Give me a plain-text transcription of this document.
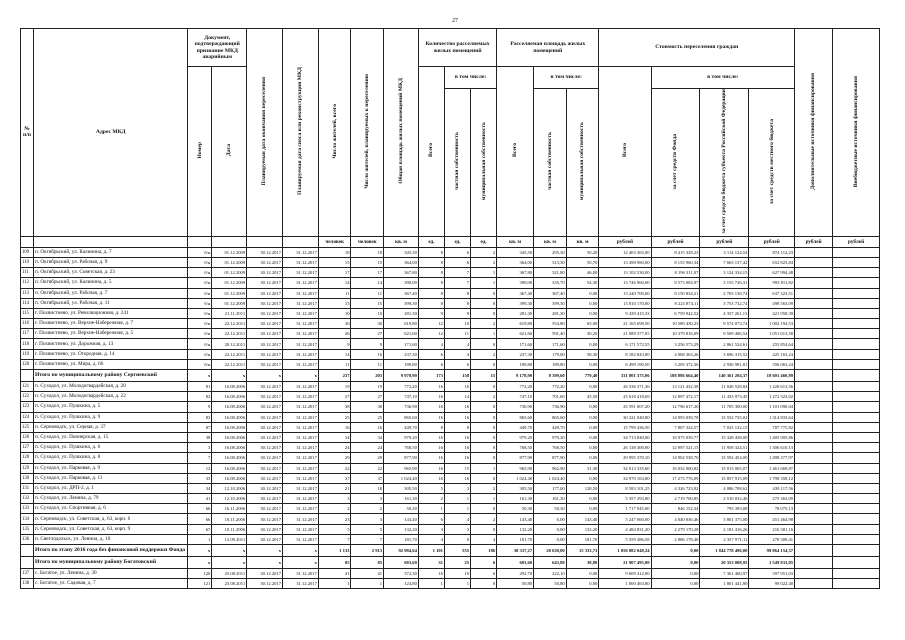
27
№ п/п	Адрес МКД	Документ, подтверждающий признание МКД аварийным		Планируемая дата окончания переселения	Планируемая дата сноса или реконструкции МКД	Число жителей, всего	Число жителей, планируемых к переселению	Общая площадь жилых помещений МКД	Количество расселяемых жилых помещений			Расселяемая площадь жилых помещений			Стоимость переселения граждан				Дополнительные источники финансирования	Внебюджетные источники финансирования
		Номер	Дата						Всего	в том числе:		Всего	в том числе:		Всего	в том числе:				
										частная собственность	муниципальная собственность		частная собственность	муниципальная собственность		за счет средств Фонда	за счет средств бюджета субъекта Российской Федерации	за счет средств местного бюджета		
						человек	человек	кв. м	ед.	ед.	ед.	кв. м	кв. м	кв. м	рублей	рублей	рублей	рублей	рублей	рублей
109	п. Октябрьский, ул. Калинина, д. 7	б/н	01.12.2009	30.12.2017	31.12.2017	18	18	345,50	8	6	2	345,50	295,30	50,20	12 403 365,00	8 415 328,23	3 114 124,54	874 112,23		
110	п. Октябрьский, ул. Рабочая, д. 9	б/н	01.12.2009	30.12.2017	31.12.2017	15	15	364,00	8	6	2	364,00	313,30	50,70	13 498 980,00	8 155 960,34	7 663 137,42	652 823,84		
111	п. Октябрьский, ул. Советская, д. 23	б/н	01.12.2009	30.12.2017	31.12.2017	17	17	367,80	8	7	1	367,80	321,80	46,00	13 102 530,00	8 196 311,07	3 124 334,15	627 994,48		
112	п. Октябрьский, ул. Калинина, д. 5	б/н	01.12.2009	30.12.2017	31.12.2017	14	14	390,00	8	7	1	390,00	335,70	54,30	13 746 960,00	8 573 004,97	3 155 726,31	993 811,82		
113	п. Октябрьский, ул. Рабочая, д. 7	б/н	01.12.2009	30.12.2017	31.12.2017	11	11	367,40	8	8	0	367,40	367,40	0,00	13 240 700,00	8 150 834,21	2 703 138,74	637 323,51		
114	п. Октябрьский, ул. Рабочая, д. 11	б/н	01.12.2009	30.12.2017	31.12.2017	15	15	399,30	8	8	0	399,30	399,30	0,00	13 810 170,00	8 223 874,11	3 753 732,74	498 563,09		
115	г. Похвистнево, ул. Революционная, д. 241	б/н	21.11.2011	30.12.2017	31.12.2017	10	10	281,30	9	9	0	281,30	281,30	0,00	9 439 415,33	6 759 942,52	4 357 261,13	421 958,39		
116	г. Похвистнево, ул. Верхне-Набережная, д. 7	б/н	22.12.2011	30.12.2017	31.12.2017	30	30	619,80	12	10	2	619,80	554,80	65,00	21 165 698,50	10 589 430,23	9 574 073,74	1 002 194,53		
117	г. Похвистнево, ул. Верхне-Набережная, д. 5	б/н	22.12.2011	30.12.2017	31.12.2017	26	27	621,60	12	11	1	621,60	591,40	30,20	21 089 377,05	10 379 816,09	9 509 406,54	1 051 013,58		
118	г. Похвистнево, ул. Дорожная, д. 13	б/н	20.12.2011	30.12.2017	31.12.2017	9	9	171,60	4	4	0	171,60	171,60	0,00	6 171 572,55	3 256 573,29	2 861 524,61	255 854,64		
119	г. Похвистнево, ул. Огородная, д. 14	б/н	22.12.2011	30.12.2017	31.12.2017	14	16	237,30	6	4	2	237,30	179,00	58,30	8 182 843,00	4 068 363,26	3 696 315,52	425 163,24		
120	г. Похвистнево, ул. Мира, д. 66	б/н	22.12.2011	30.12.2017	31.12.2017	11	11	189,80	6	6	0	189,80	189,80	0,00	6 499 190,50	3 205 372,36	2 936 981,81	356 063,24		
	Итого по муниципальному району Сергиевский	x	x	x	x	237	203	9 978,90	173	158	15	9 178,90	8 399,60	779,40	331 801 375,06	188 886 664,40	140 361 204,37	18 601 460,89		
121	п. Суходол, ул. Молодогвардейская, д. 20	81	16.08.2006	30.12.2017	31.12.2017	19	19	772,20	16	16	0	772,20	772,20	0,00	26 536 371,36	13 121 432,38	11 046 528,84	1 226 613,56		
122	п. Суходол, ул. Молодогвардейская, д. 22	82	16.08.2006	30.12.2017	31.12.2017	27	27	747,10	16	14	2	747,10	701,60	45,50	25 618 418,69	12 897 472,17	11 433 973,45	1 272 323,02		
123	п. Суходол, ул. Пушкина, д. 5	9	16.08.2006	30.12.2017	31.12.2017	38	38	736,90	16	16	0	736,90	736,90	0,00	25 591 007,20	12 796 617,20	11 705 300,00	1 101 090,04		
124	п. Суходол, ул. Пушкина, д. 9	83	16.08.2006	30.12.2017	31.12.2017	25	25	865,60	16	16	0	865,60	865,60	0,00	30 221 040,80	14 993 039,78	13 552 735,02	1 314 833,64		
125	п. Серноводск, ул. Серная, д. 37	87	16.08.2006	30.12.2017	31.12.2017	16	16	449,70	8	8	0	449,70	449,70	0,00	15 799 436,50	7 807 324,57	7 025 132,15	707 775,82		
126	п. Суходол, ул. Пионерская, д. 15	38	16.08.2006	30.12.2017	31.12.2017	34	34	979,20	16	16	0	979,20	979,20	0,00	34 713 840,00	16 975 039,77	15 328 438,00	1 405 905,86		
127	п. Суходол, ул. Пушкина, д. 6	3	16.08.2006	30.12.2017	31.12.2017	24	24	768,50	16	16	0	768,50	768,50	0,00	26 138 300,00	12 997 521,15	11 958 324,51	1 306 610,13		
128	п. Суходол, ул. Пушкина, д. 8	7	16.08.2006	30.12.2017	31.12.2017	29	29	877,90	16	16	0	877,90	877,90	0,00	29 995 370,10	14 902 538,70	13 592 454,00	1 498 377,97		
129	п. Суходол, ул. Парковая, д. 9	12	16.08.2006	30.12.2017	31.12.2017	22	22	965,90	16	15	1	965,90	962,90	31,30	32 013 335,60	16 032 000,82	15 013 065,07	1 461 669,87		
130	п. Суходол, ул. Парковая, д. 11	33	16.08.2006	30.12.2017	31.12.2017	37	37	1 024,40	16	16	0	1 024,40	1 024,40	0,00	34 970 163,80	17 273 776,09	15 857 915,09	1 798 358,12		
131	п. Суходол, ул. ДРП-2, д. 1	34	12.10.2006	30.12.2017	31.12.2017	21	18	305,50	5	3	2	305,50	177,00	128,50	8 583 101,25	4 326 723,92	4 086 708,62	439 117,56		
132	п. Суходол, ул. Ленина, д. 79	41	12.10.2006	30.12.2017	31.12.2017	3	3	161,30	2	1	1	161,30	161,30	0,00	5 357 293,80	2 719 700,85	2 510 032,46	275 363,09		
133	п. Суходол, ул. Спортивная, д. 6	66	16.11.2006	30.12.2017	31.12.2017	2	2	50,30	1	1	0	50,30	50,30	0,00	1 717 945,00	846 152,34	793 393,08	78 075,13		
134	п. Серноводск, ул. Советская, д. 63, корп. 6	66	10.11.2006	30.12.2017	31.12.2017	23	3	143,40	6	4	2	143,40	0,00	143,40	5 247 060,00	4 040 036,46	3 801 375,00	451 464,98		
135	п. Серноводск, ул. Советская, д. 63, корп. 9	67	10.11.2006	30.12.2017	31.12.2017	5	5	132,20	3	3	0	132,20	0,00	132,20	4 484 831,20	2 279 170,28	2 181 416,26	216 381,16		
136	п. Светлодольск, ул. Ленина, д. 10	1	12.09.2011	30.12.2017	31.12.2017	7	7	181,70	4	0	4	181,70	0,00	181,70	5 559 486,58	2 886 178,48	2 357 971,11	270 309,41		
	Итого по этапу 2016 года без финансовой поддержки Фонда	x	x	x	x	1 133	2 913	92 984,64	1 101	555	186	30 337,27	20 630,00	15 333,73	1 056 082 048,24	0,00	1 844 778 496,00	99 864 154,37		
	Итого по муниципальному району Богатовский	x	x	x	x	85	85	683,60	31	25	6	683,60	643,80	30,80	21 907 495,00	0,00	20 353 008,95	1 549 833,05		
137	с. Богатое, ул. Ленина, д. 30	120	25.08.2011	30.12.2017	31.12.2017	41	41	372,30	16	10	6	292,70	222,10	0,00	9 609 412,00	0,00	7 361 460,97	397 951,03		
138	с. Богатое, ул. Садовая, д. 7	121	25.08.2011	30.12.2017	31.12.2017	1	1	124,80	1	1	0	50,80	50,80	0,00	1 800 463,80	0,00	1 801 441,80	99 022,40		
